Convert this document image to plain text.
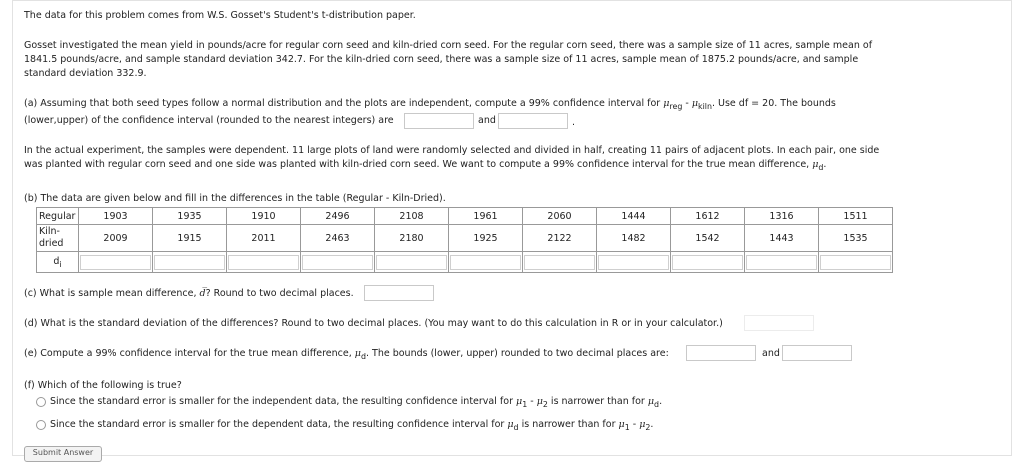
The data for this problem comes from W.S. Gosset's Student's t-distribution paper.
Gosset investigated the mean yield in pounds/acre for regular corn seed and kiln-dried corn seed. For the regular corn seed, there was a sample size of 11 acres, sample mean of
1841.5 pounds/acre, and sample standard deviation 342.7. For the kiln-dried corn seed, there was a sample size of 11 acres, sample mean of 1875.2 pounds/acre, and sample
standard deviation 332.9.
(a) Assuming that both seed types follow a normal distribution and the plots are independent, compute a 99% confidence interval for $\mu_{reg} - \mu_{kiln}$. Use df = 20. The bounds
(lower,upper) of the confidence interval (rounded to the nearest integers) are	and	.
In the actual experiment, the samples were dependent. 11 large plots of land were randomly selected and divided in half, creating 11 pairs of adjacent plots. In each pair, one side
was planted with regular corn seed and one side was planted with kiln-dried corn seed. We want to compute a 99% confidence interval for the true mean difference, $\mu_d$.
(b) The data are given below and fill in the differences in the table (Regular - Kiln-Dried).
Regular	1903	1935	1910	2496	2108	1961	2060	1444	1612	1316	1511
Kiln-dried	2009	1915	2011	2463	2180	1925	2122	1482	1542	1443	1535
$d_i$	

(c) What is sample mean difference, d̅? Round to two decimal places.
(d) What is the standard deviation of the differences? Round to two decimal places. (You may want to do this calculation in R or in your calculator.)
(e) Compute a 99% confidence interval for the true mean difference, $\mu_d$. The bounds (lower, upper) rounded to two decimal places are:	and
(f) Which of the following is true?
Since the standard error is smaller for the independent data, the resulting confidence interval for $\mu_1 - \mu_2$ is narrower than for $\mu_d$.
Since the standard error is smaller for the dependent data, the resulting confidence interval for $\mu_d$ is narrower than for $\mu_1 - \mu_2$.
Submit Answer
